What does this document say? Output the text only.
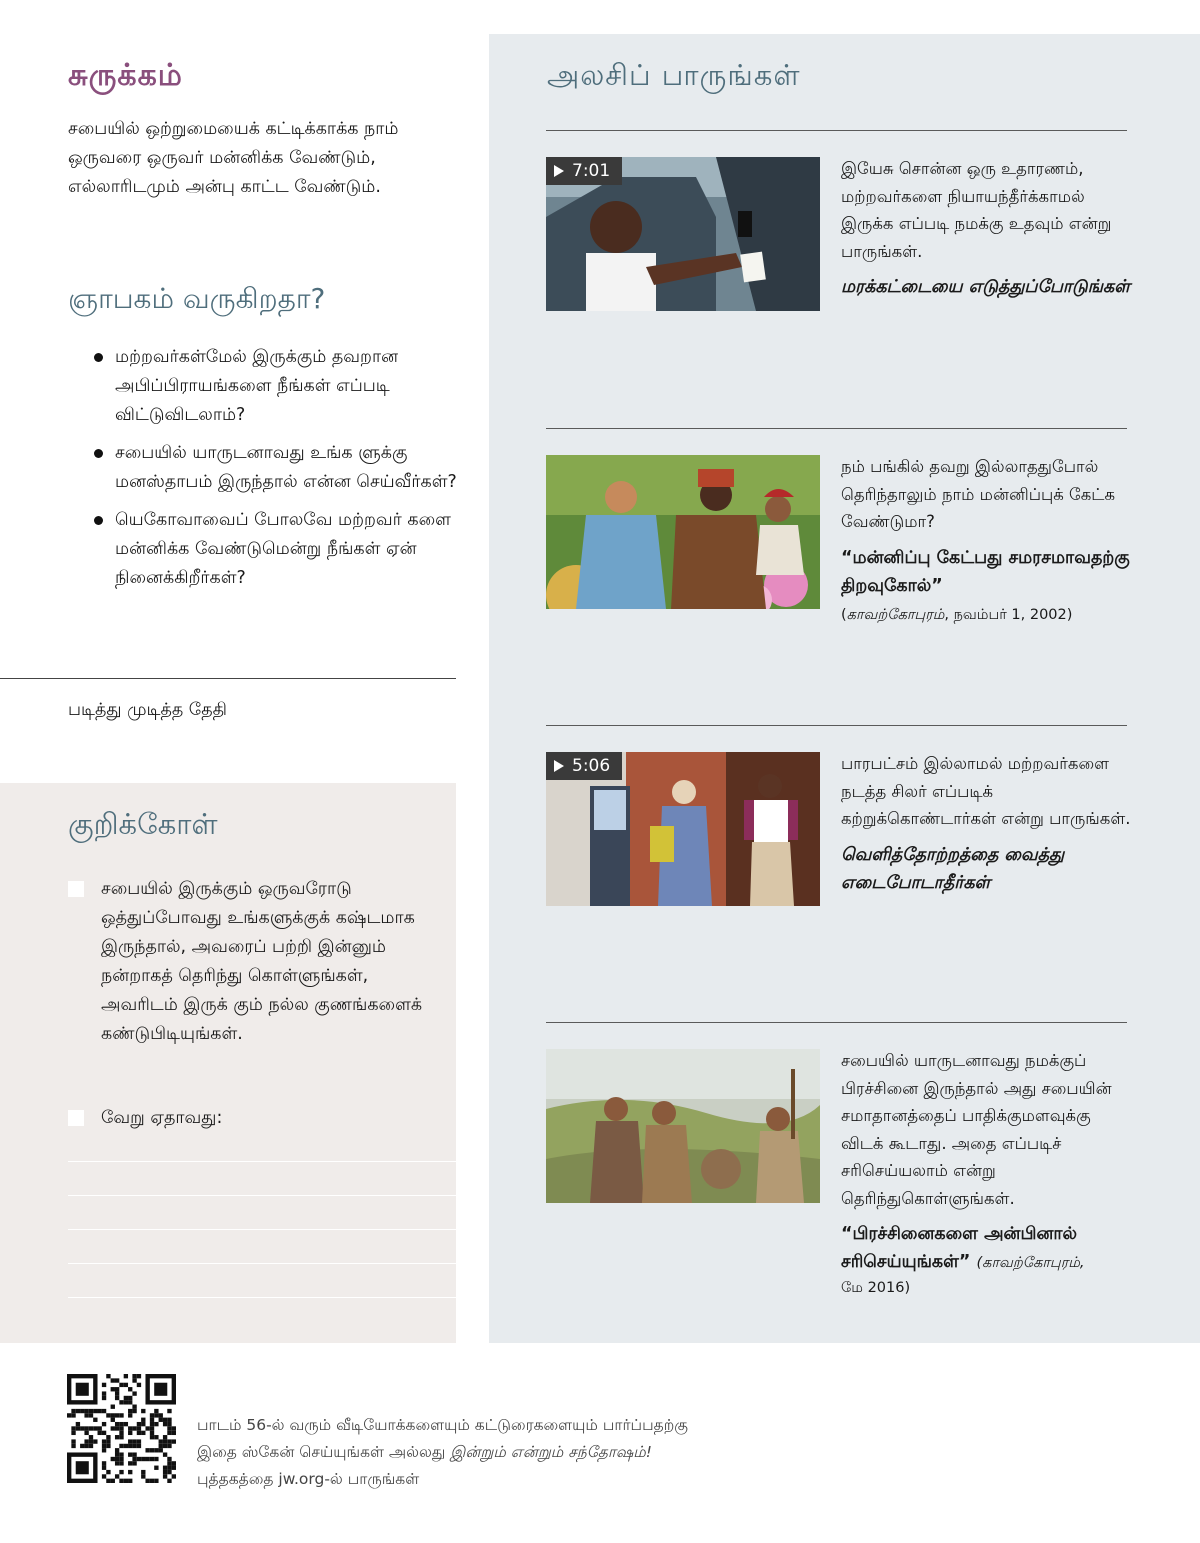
சுருக்கம்

சபையில் ஒற்றுமையைக் கட்டிக்காக்க நாம் ஒருவரை ஒருவர் மன்னிக்க வேண்டும், எல்லாரிடமும் அன்பு காட்ட வேண்டும்.

ஞாபகம் வருகிறதா?
மற்றவர்கள்மேல் இருக்கும் தவறான அபிப்பிராயங்களை நீங்கள் எப்படி விட்டுவிடலாம்?
சபையில் யாருடனாவது உங்க ளுக்கு மனஸ்தாபம் இருந்தால் என்ன செய்வீர்கள்?
யெகோவாவைப் போலவே மற்றவர் களை மன்னிக்க வேண்டுமென்று நீங்கள் ஏன் நினைக்கிறீர்கள்?
படித்து முடித்த தேதி
குறிக்கோள்
சபையில் இருக்கும் ஒருவரோடு ஒத்துப்போவது உங்களுக்குக் கஷ்டமாக இருந்தால், அவரைப் பற்றி இன்னும் நன்றாகத் தெரிந்து கொள்ளுங்கள், அவரிடம் இருக் கும் நல்ல குணங்களைக் கண்டுபிடியுங்கள்.
வேறு ஏதாவது:
அலசிப் பாருங்கள்
7:01	இயேசு சொன்ன ஒரு உதாரணம், மற்றவர்களை நியாயந்தீர்க்காமல் இருக்க எப்படி நமக்கு உதவும் என்று பாருங்கள்.

மரக்கட்டையை எடுத்துப்போடுங்கள்

நம் பங்கில் தவறு இல்லாததுபோல் தெரிந்தாலும் நாம் மன்னிப்புக் கேட்க வேண்டுமா?

“மன்னிப்பு கேட்பது சமரசமாவதற்கு திறவுகோல்”

(காவற்கோபுரம், நவம்பர் 1, 2002)

5:06	பாரபட்சம் இல்லாமல் மற்றவர்களை நடத்த சிலர் எப்படிக் கற்றுக்கொண்டார்கள் என்று பாருங்கள்.

வெளித்தோற்றத்தை வைத்து எடைபோடாதீர்கள்

சபையில் யாருடனாவது நமக்குப் பிரச்சினை இருந்தால் அது சபையின் சமாதானத்தைப் பாதிக்குமளவுக்கு விடக் கூடாது. அதை எப்படிச் சரிசெய்யலாம் என்று தெரிந்துகொள்ளுங்கள்.

“பிரச்சினைகளை அன்பினால் சரிசெய்யுங்கள்” (காவற்கோபுரம்,

மே 2016)

பாடம் 56-ல் வரும் வீடியோக்களையும் கட்டுரைகளையும் பார்ப்பதற்கு இதை ஸ்கேன் செய்யுங்கள் அல்லது இன்றும் என்றும் சந்தோஷம்! புத்தகத்தை jw.org-ல் பாருங்கள்
